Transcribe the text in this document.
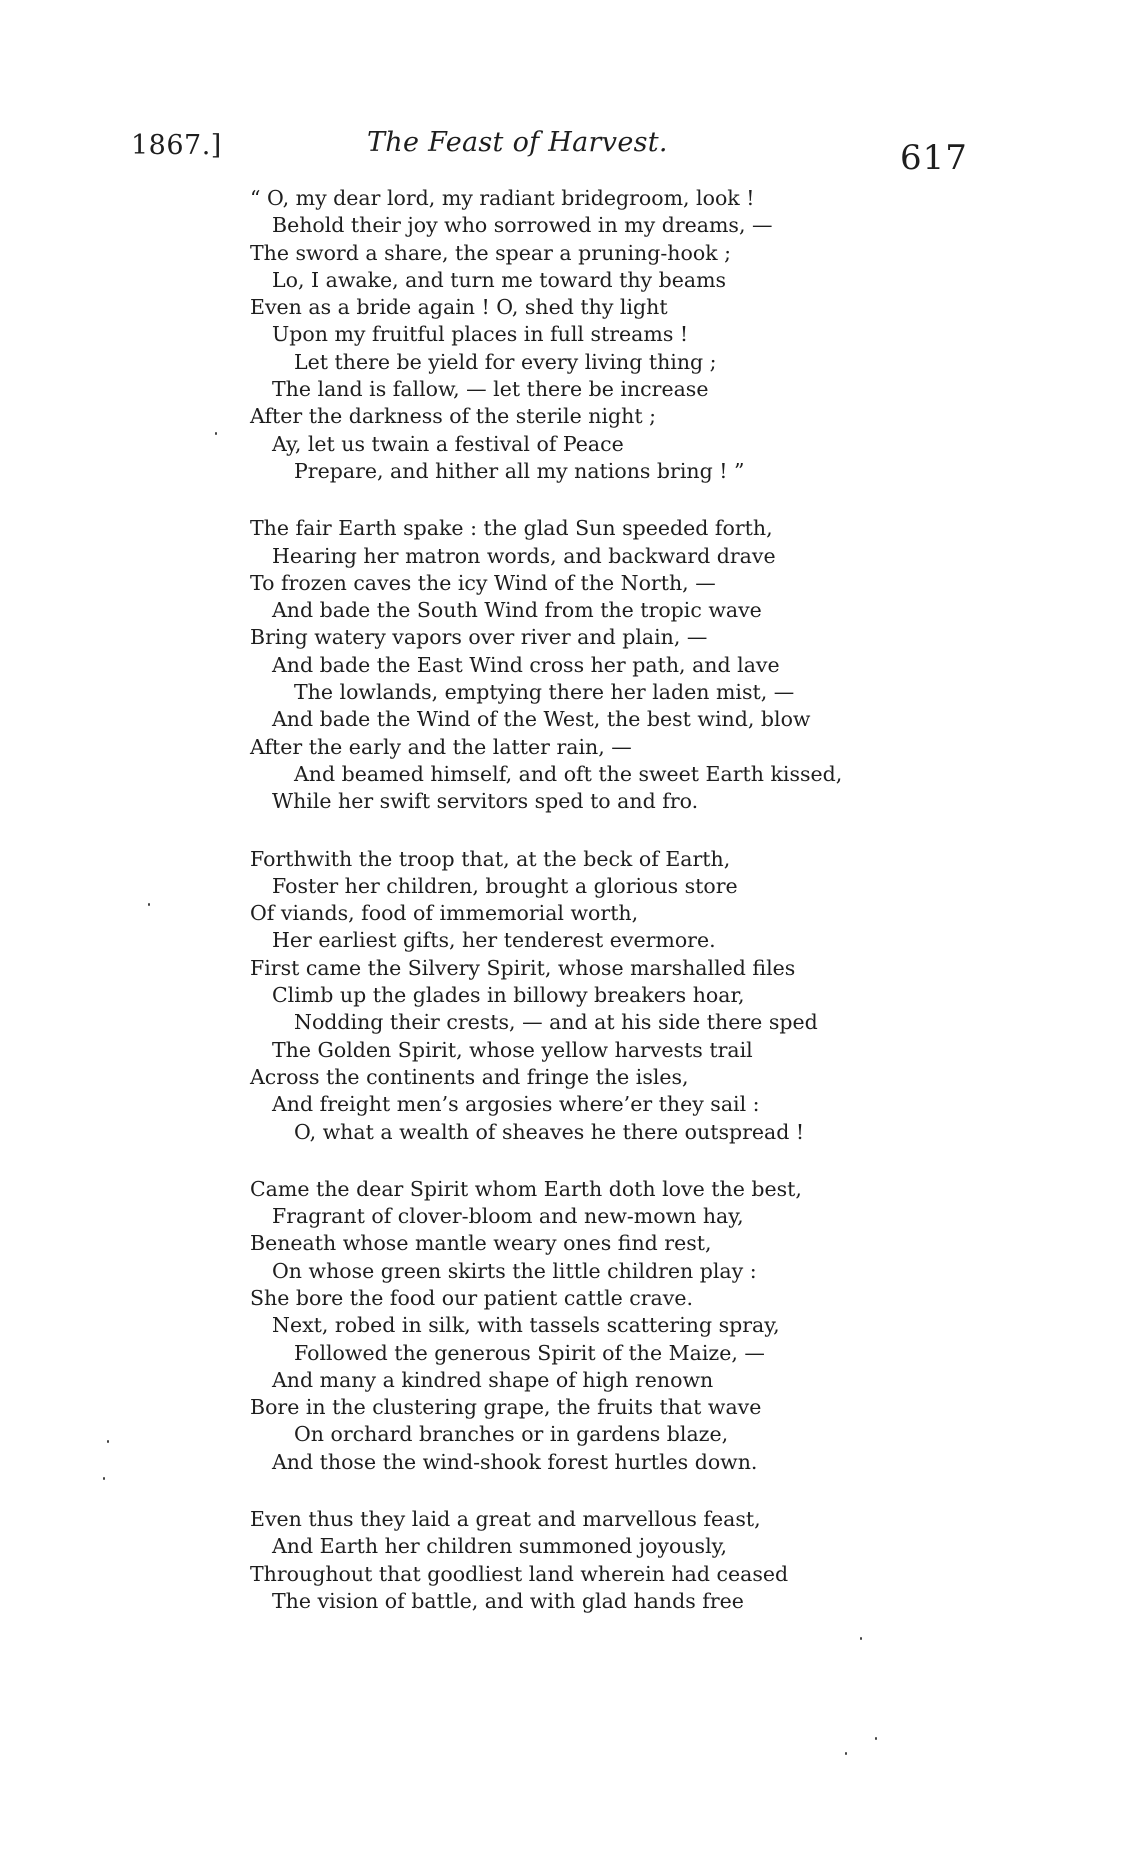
1867.]	The Feast of Harvest.	617
“ O, my dear lord, my radiant bridegroom, look !
Behold their joy who sorrowed in my dreams, —
The sword a share, the spear a pruning-hook ;
Lo, I awake, and turn me toward thy beams
Even as a bride again ! O, shed thy light
Upon my fruitful places in full streams !
Let there be yield for every living thing ;
The land is fallow, — let there be increase
After the darkness of the sterile night ;
Ay, let us twain a festival of Peace
Prepare, and hither all my nations bring ! ”
The fair Earth spake : the glad Sun speeded forth,
Hearing her matron words, and backward drave
To frozen caves the icy Wind of the North, —
And bade the South Wind from the tropic wave
Bring watery vapors over river and plain, —
And bade the East Wind cross her path, and lave
The lowlands, emptying there her laden mist, —
And bade the Wind of the West, the best wind, blow
After the early and the latter rain, —
And beamed himself, and oft the sweet Earth kissed,
While her swift servitors sped to and fro.
Forthwith the troop that, at the beck of Earth,
Foster her children, brought a glorious store
Of viands, food of immemorial worth,
Her earliest gifts, her tenderest evermore.
First came the Silvery Spirit, whose marshalled files
Climb up the glades in billowy breakers hoar,
Nodding their crests, — and at his side there sped
The Golden Spirit, whose yellow harvests trail
Across the continents and fringe the isles,
And freight men’s argosies where’er they sail :
O, what a wealth of sheaves he there outspread !
Came the dear Spirit whom Earth doth love the best,
Fragrant of clover-bloom and new-mown hay,
Beneath whose mantle weary ones find rest,
On whose green skirts the little children play :
She bore the food our patient cattle crave.
Next, robed in silk, with tassels scattering spray,
Followed the generous Spirit of the Maize, —
And many a kindred shape of high renown
Bore in the clustering grape, the fruits that wave
On orchard branches or in gardens blaze,
And those the wind-shook forest hurtles down.
Even thus they laid a great and marvellous feast,
And Earth her children summoned joyously,
Throughout that goodliest land wherein had ceased
The vision of battle, and with glad hands free
